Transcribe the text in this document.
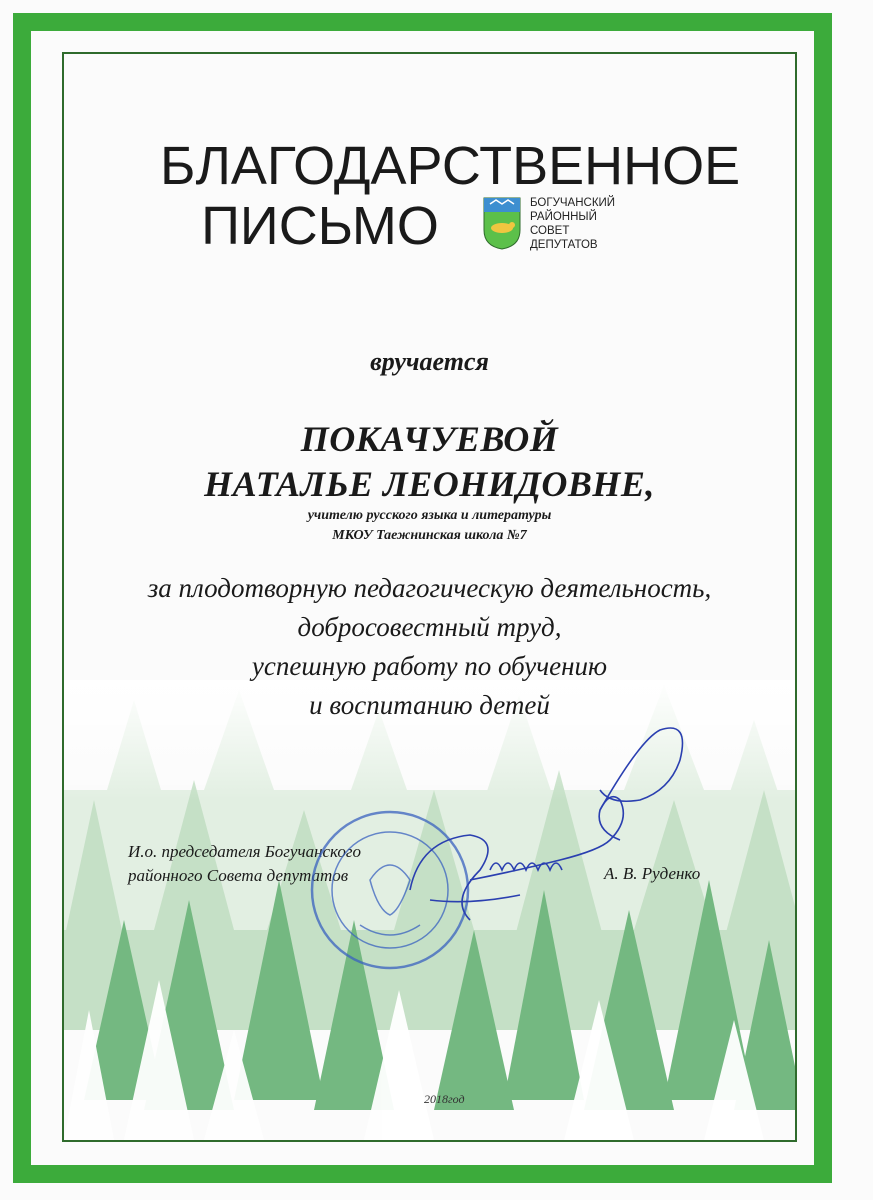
БЛАГОДАРСТВЕННОЕ
ПИСЬМО	БОГУЧАНСКИЙ
РАЙОННЫЙ
СОВЕТ
ДЕПУТАТОВ
вручается
ПОКАЧУЕВОЙ
НАТАЛЬЕ ЛЕОНИДОВНЕ,
учителю русского языка и литературы
МКОУ Таежнинская школа №7
за плодотворную педагогическую деятельность,
добросовестный труд,
успешную работу по обучению
и воспитанию детей
И.о. председателя Богучанского
районного Совета депутатов	А. В. Руденко
2018год
